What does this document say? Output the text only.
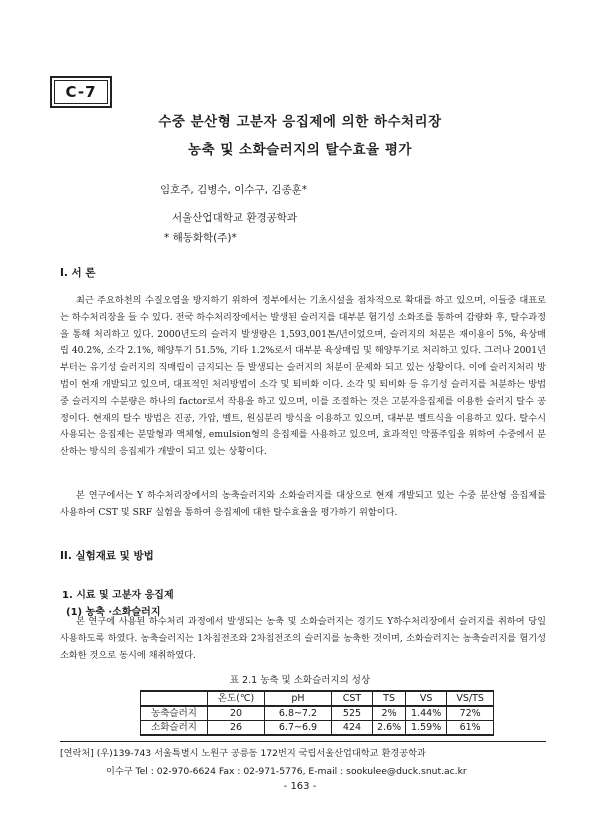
C-7
수중 분산형 고분자 응집제에 의한 하수처리장
농축 및 소화슬러지의 탈수효율 평가
임호주, 김병수, 이수구, 김종훈*
서울산업대학교 환경공학과
* 해동화학(주)*
I. 서 론

최근 주요하천의 수질오염을 방지하기 위하여 정부에서는 기초시설을 점차적으로 확대를 하고 있으며, 이들중 대표로는 하수처리장을 들 수 있다. 전국 하수처리장에서는 발생된 슬러지를 대부분 혐기성 소화조를 통하여 감량화 후, 탈수과정을 통해 처리하고 있다. 2000년도의 슬러지 발생량은 1,593,001톤/년이었으며, 슬러지의 처분은 재이용이 5%, 육상매립 40.2%, 소각 2.1%, 해양투기 51.5%, 기타 1.2%로서 대부분 육상매립 및 해양투기로 처리하고 있다. 그러나 2001년 부터는 유기성 슬러지의 직매립이 금지되는 등 발생되는 슬러지의 처분이 문제화 되고 있는 상황이다. 이에 슬러지처리 방법이 현재 개발되고 있으며, 대표적인 처리방법이 소각 및 퇴비화 이다. 소각 및 퇴비화 등 유기성 슬러지를 처분하는 방법 중 슬러지의 수분량은 하나의 factor로서 작용을 하고 있으며, 이를 조절하는 것은 고분자응집제를 이용한 슬러지 탈수 공정이다. 현재의 탈수 방법은 진공, 가압, 벨트, 원심분리 방식을 이용하고 있으며, 대부분 벨트식을 이용하고 있다. 탈수시 사용되는 응집제는 분말형과 액체형, emulsion형의 응집제를 사용하고 있으며, 효과적인 약품주입을 위하여 수중에서 분산하는 방식의 응집제가 개발이 되고 있는 상황이다.

본 연구에서는 Y 하수처리장에서의 농축슬러지와 소화슬러지를 대상으로 현재 개발되고 있는 수중 분산형 응집제를 사용하여 CST 및 SRF 실험을 통하여 응집제에 대한 탈수효율을 평가하기 위함이다.

II. 실험재료 및 방법
1. 시료 및 고분자 응집제
(1) 농축 ·소화슬러지

본 연구에 사용된 하수처리 과정에서 발생되는 농축 및 소화슬러지는 경기도 Y하수처리장에서 슬러지를 취하여 당일 사용하도록 하였다. 농축슬러지는 1차침전조와 2차침전조의 슬러지를 농축한 것이며, 소화슬러지는 농축슬러지를 혐기성 소화한 것으로 동시에 채취하였다.

표 2.1 농축 및 소화슬러지의 성상
	온도(℃)	pH	CST	TS	VS	VS/TS
농축슬러지	20	6.8~7.2	525	2%	1.44%	72%
소화슬러지	26	6.7~6.9	424	2.6%	1.59%	61%
[연락처] (우)139-743 서울특별시 노원구 공릉동 172번지 국립서울산업대학교 환경공학과
이수구 Tel : 02-970-6624 Fax : 02-971-5776, E-mail : sookulee@duck.snut.ac.kr
- 163 -
